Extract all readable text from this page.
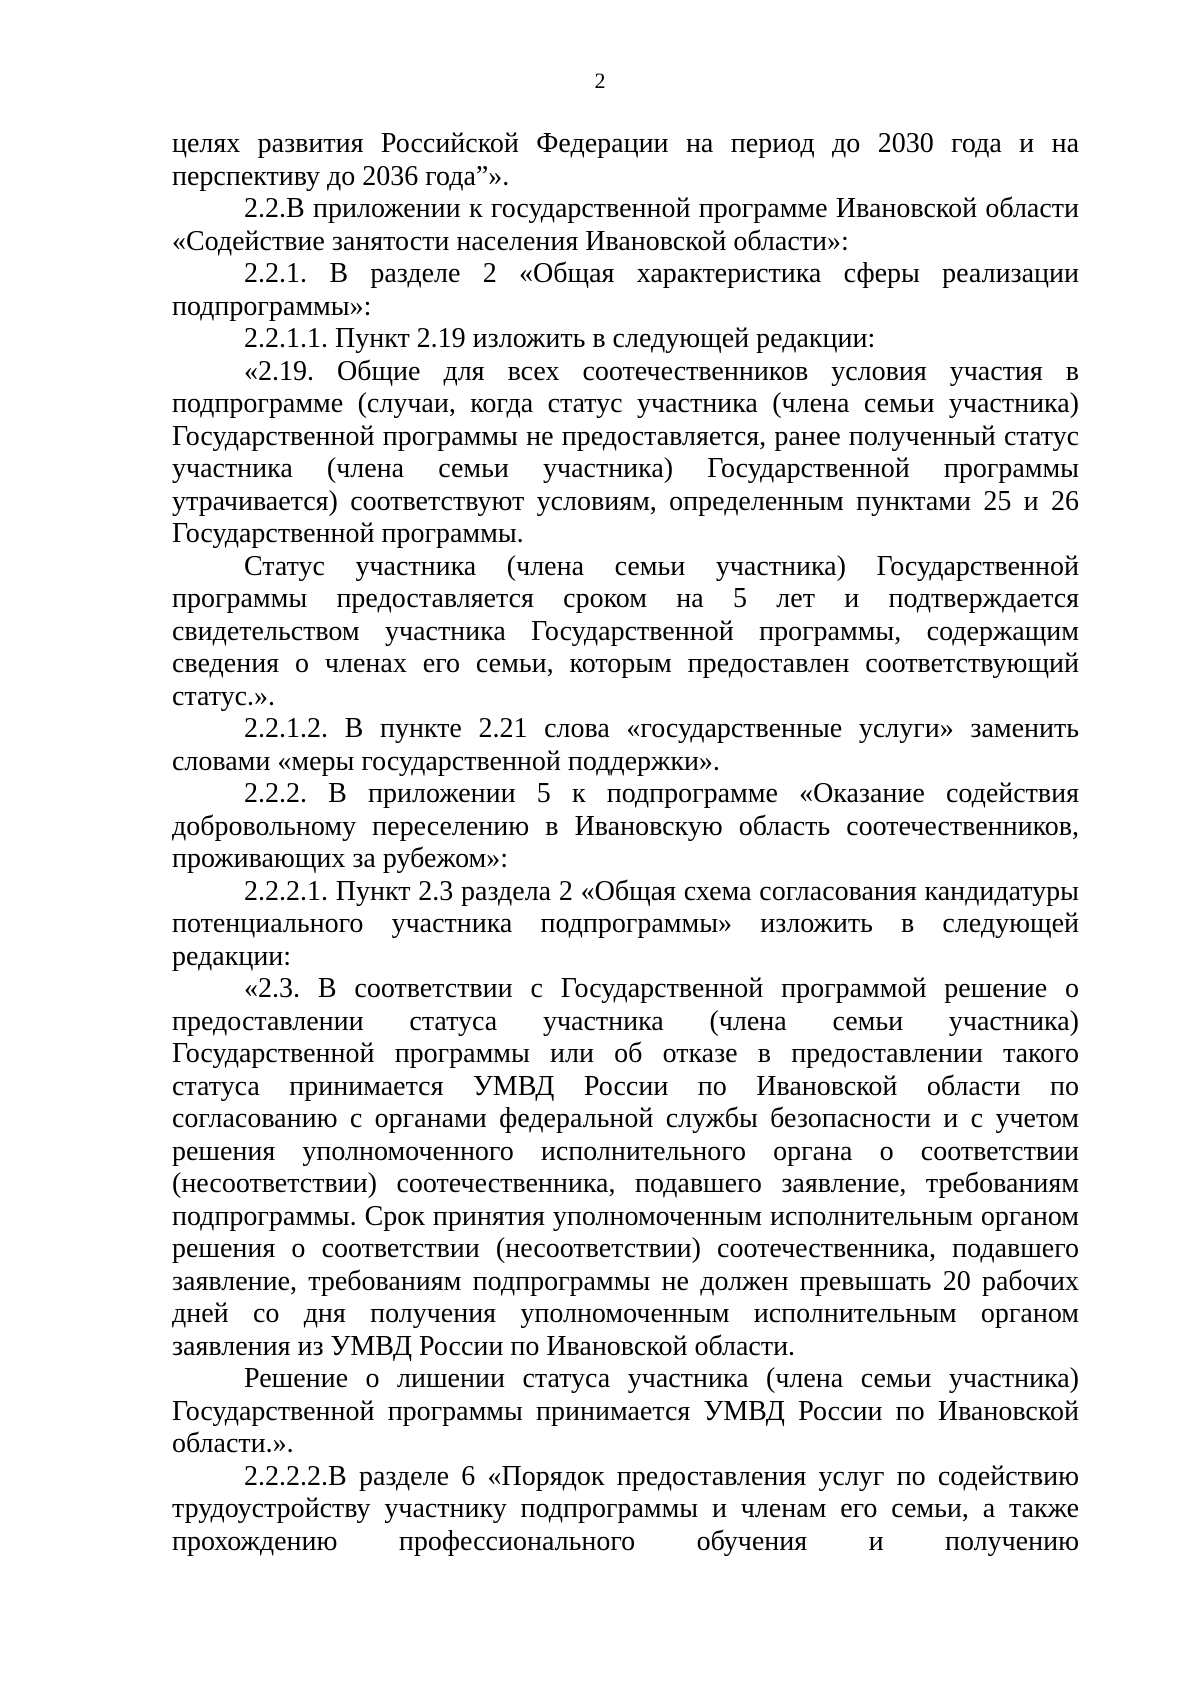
2

целях развития Российской Федерации на период до 2030 года и на перспективу до 2036 года”».

2.2.В приложении к государственной программе Ивановской области «Содействие занятости населения Ивановской области»:

2.2.1. В разделе 2 «Общая характеристика сферы реализации подпрограммы»:

2.2.1.1. Пункт 2.19 изложить в следующей редакции:

«2.19. Общие для всех соотечественников условия участия в подпрограмме (случаи, когда статус участника (члена семьи участника) Государственной программы не предоставляется, ранее полученный статус участника (члена семьи участника) Государственной программы утрачивается) соответствуют условиям, определенным пунктами 25 и 26 Государственной программы.

Статус участника (члена семьи участника) Государственной программы предоставляется сроком на 5 лет и подтверждается свидетельством участника Государственной программы, содержащим сведения о членах его семьи, которым предоставлен соответствующий статус.».

2.2.1.2. В пункте 2.21 слова «государственные услуги» заменить словами «меры государственной поддержки».

2.2.2. В приложении 5 к подпрограмме «Оказание содействия добровольному переселению в Ивановскую область соотечественников, проживающих за рубежом»:

2.2.2.1. Пункт 2.3 раздела 2 «Общая схема согласования кандидатуры потенциального участника подпрограммы» изложить в следующей редакции:

«2.3. В соответствии с Государственной программой решение о предоставлении статуса участника (члена семьи участника) Государственной программы или об отказе в предоставлении такого статуса принимается УМВД России по Ивановской области по согласованию с органами федеральной службы безопасности и с учетом решения уполномоченного исполнительного органа о соответствии (несоответствии) соотечественника, подавшего заявление, требованиям подпрограммы. Срок принятия уполномоченным исполнительным органом решения о соответствии (несоответствии) соотечественника, подавшего заявление, требованиям подпрограммы не должен превышать 20 рабочих дней со дня получения уполномоченным исполнительным органом заявления из УМВД России по Ивановской области.

Решение о лишении статуса участника (члена семьи участника) Государственной программы принимается УМВД России по Ивановской области.».

2.2.2.2.В разделе 6 «Порядок предоставления услуг по содействию трудоустройству участнику подпрограммы и членам его семьи, а также прохождению профессионального обучения и получению
